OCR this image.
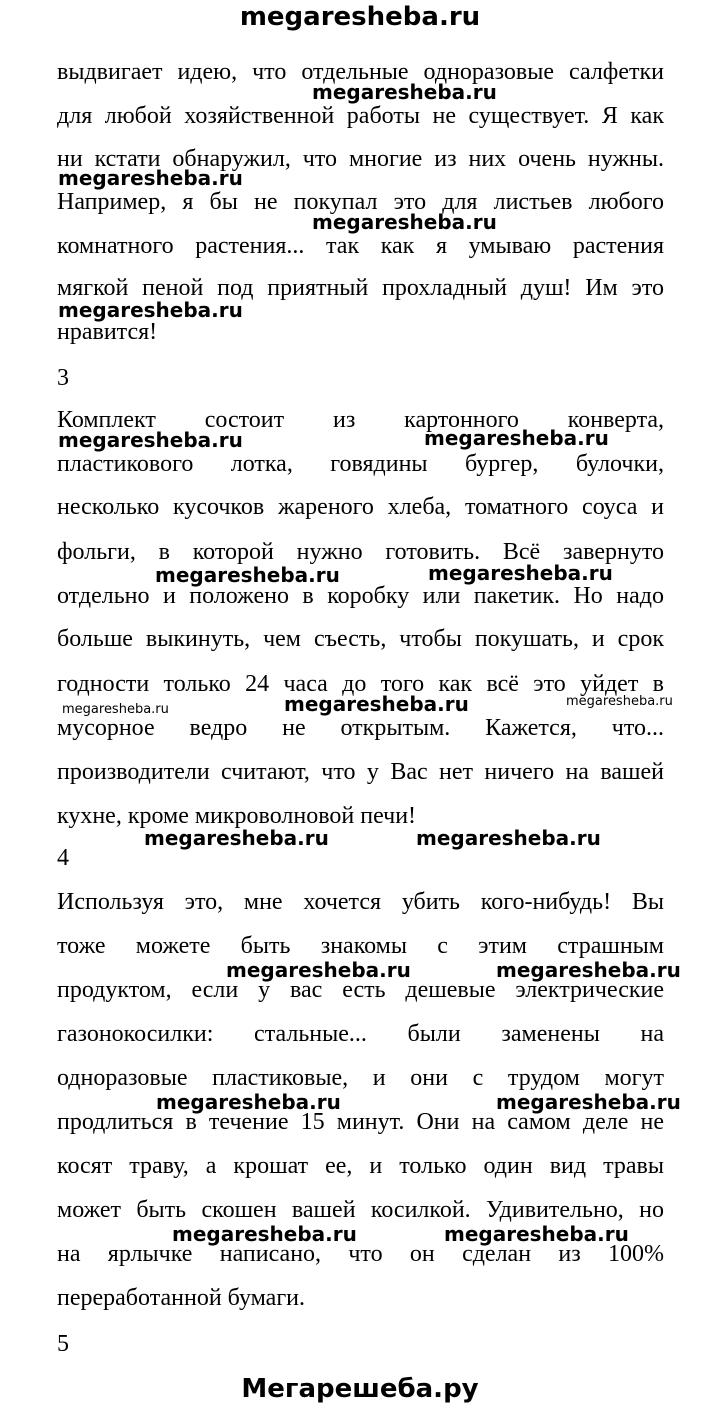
megaresheba.ru
выдвигает идею, что отдельные одноразовые салфетки
для любой хозяйственной работы не существует. Я как
ни кстати обнаружил, что многие из них очень нужны.
Например, я бы не покупал это для листьев любого
комнатного растения... так как я умываю растения
мягкой пеной под приятный прохладный душ! Им это
нравится!
3
Комплект состоит из картонного конверта,
пластикового лотка, говядины бургер, булочки,
несколько кусочков жареного хлеба, томатного соуса и
фольги, в которой нужно готовить. Всё завернуто
отдельно и положено в коробку или пакетик. Но надо
больше выкинуть, чем съесть, чтобы покушать, и срок
годности только 24 часа до того как всё это уйдет в
мусорное ведро не открытым. Кажется, что...
производители считают, что у Вас нет ничего на вашей
кухне, кроме микроволновой печи!
4
Используя это, мне хочется убить кого-нибудь! Вы
тоже можете быть знакомы с этим страшным
продуктом, если у вас есть дешевые электрические
газонокосилки: стальные... были заменены на
одноразовые пластиковые, и они с трудом могут
продлиться в течение 15 минут. Они на самом деле не
косят траву, а крошат ее, и только один вид травы
может быть скошен вашей косилкой. Удивительно, но
на ярлычке написано, что он сделан из 100%
переработанной бумаги.
5
megaresheba.ru
megaresheba.ru
megaresheba.ru
megaresheba.ru
megaresheba.ru	megaresheba.ru
megaresheba.ru	megaresheba.ru
megaresheba.ru	megaresheba.ru	megaresheba.ru
megaresheba.ru	megaresheba.ru
megaresheba.ru	megaresheba.ru
megaresheba.ru	megaresheba.ru
megaresheba.ru	megaresheba.ru
Мегарешеба.ру
